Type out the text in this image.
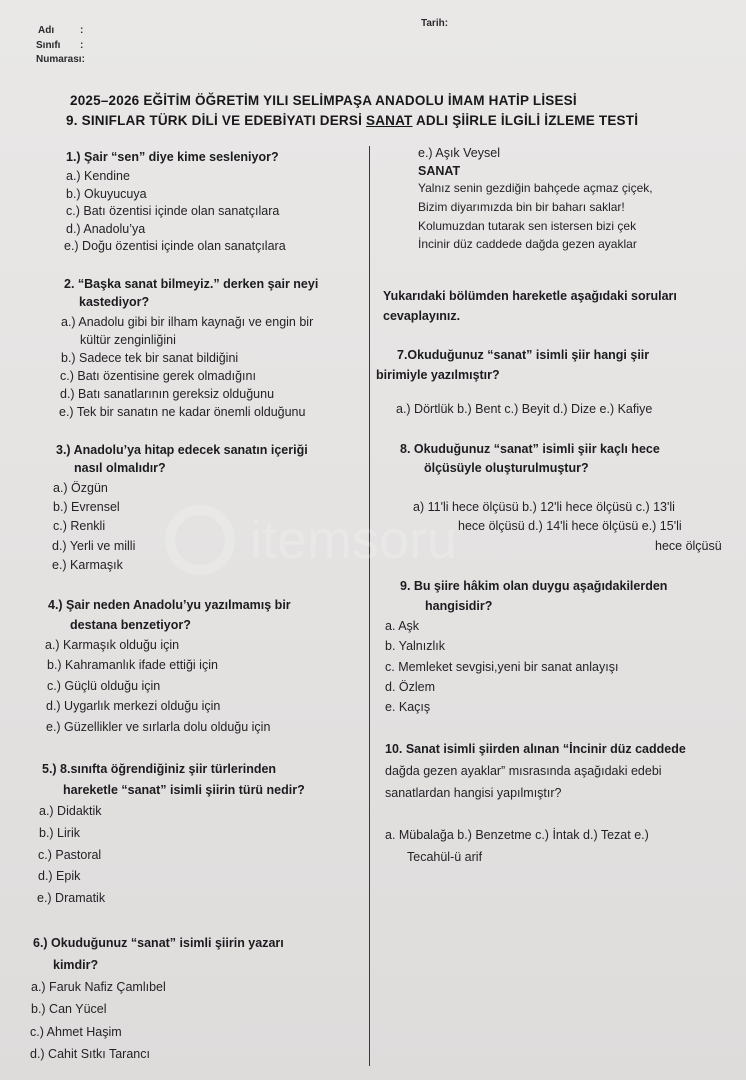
Adı	:
Sınıfı :
Numarası:
Tarih:
2025–2026 EĞİTİM ÖĞRETİM YILI SELİMPAŞA ANADOLU İMAM HATİP LİSESİ
9. SINIFLAR TÜRK DİLİ VE EDEBİYATI DERSİ SANAT ADLI ŞİİRLE İLGİLİ İZLEME TESTİ
itemsoru
1.) Şair “sen” diye kime sesleniyor?
a.) Kendine
b.) Okuyucuya
c.) Batı özentisi içinde olan sanatçılara
d.) Anadolu’ya
e.) Doğu özentisi içinde olan sanatçılara
2. “Başka sanat bilmeyiz.” derken şair neyi
kastediyor?
a.) Anadolu gibi bir ilham kaynağı ve engin bir
kültür zenginliğini
b.) Sadece tek bir sanat bildiğini
c.) Batı özentisine gerek olmadığını
d.) Batı sanatlarının gereksiz olduğunu
e.) Tek bir sanatın ne kadar önemli olduğunu
3.) Anadolu’ya hitap edecek sanatın içeriği
nasıl olmalıdır?
a.) Özgün
b.) Evrensel
c.) Renkli
d.) Yerli ve milli
e.) Karmaşık
4.) Şair neden Anadolu’yu yazılmamış bir
destana benzetiyor?
a.) Karmaşık olduğu için
b.) Kahramanlık ifade ettiği için
c.) Güçlü olduğu için
d.) Uygarlık merkezi olduğu için
e.) Güzellikler ve sırlarla dolu olduğu için
5.) 8.sınıfta öğrendiğiniz şiir türlerinden
hareketle “sanat” isimli şiirin türü nedir?
a.) Didaktik
b.) Lirik
c.) Pastoral
d.) Epik
e.) Dramatik
6.) Okuduğunuz “sanat” isimli şiirin yazarı
kimdir?
a.) Faruk Nafiz Çamlıbel
b.) Can Yücel
c.) Ahmet Haşim
d.) Cahit Sıtkı Tarancı
e.) Aşık Veysel
SANAT
Yalnız senin gezdiğin bahçede açmaz çiçek,
Bizim diyarımızda bin bir baharı saklar!
Kolumuzdan tutarak sen istersen bizi çek
İncinir düz caddede dağda gezen ayaklar
Yukarıdaki bölümden hareketle aşağıdaki soruları
cevaplayınız.
7.Okuduğunuz “sanat” isimli şiir hangi şiir
birimiyle yazılmıştır?
a.) Dörtlük b.) Bent c.) Beyit d.) Dize e.) Kafiye
8. Okuduğunuz “sanat” isimli şiir kaçlı hece
ölçüsüyle oluşturulmuştur?
a) 11'li hece ölçüsü b.) 12'li hece ölçüsü c.) 13'li
hece ölçüsü d.) 14'li hece ölçüsü e.) 15'li
hece ölçüsü
9. Bu şiire hâkim olan duygu aşağıdakilerden
hangisidir?
a. Aşk
b. Yalnızlık
c. Memleket sevgisi,yeni bir sanat anlayışı
d. Özlem
e. Kaçış
10. Sanat isimli şiirden alınan “İncinir düz caddede
dağda gezen ayaklar” mısrasında aşağıdaki edebi
sanatlardan hangisi yapılmıştır?
a. Mübalağa b.) Benzetme c.) İntak d.) Tezat e.)
Tecahül-ü arif
